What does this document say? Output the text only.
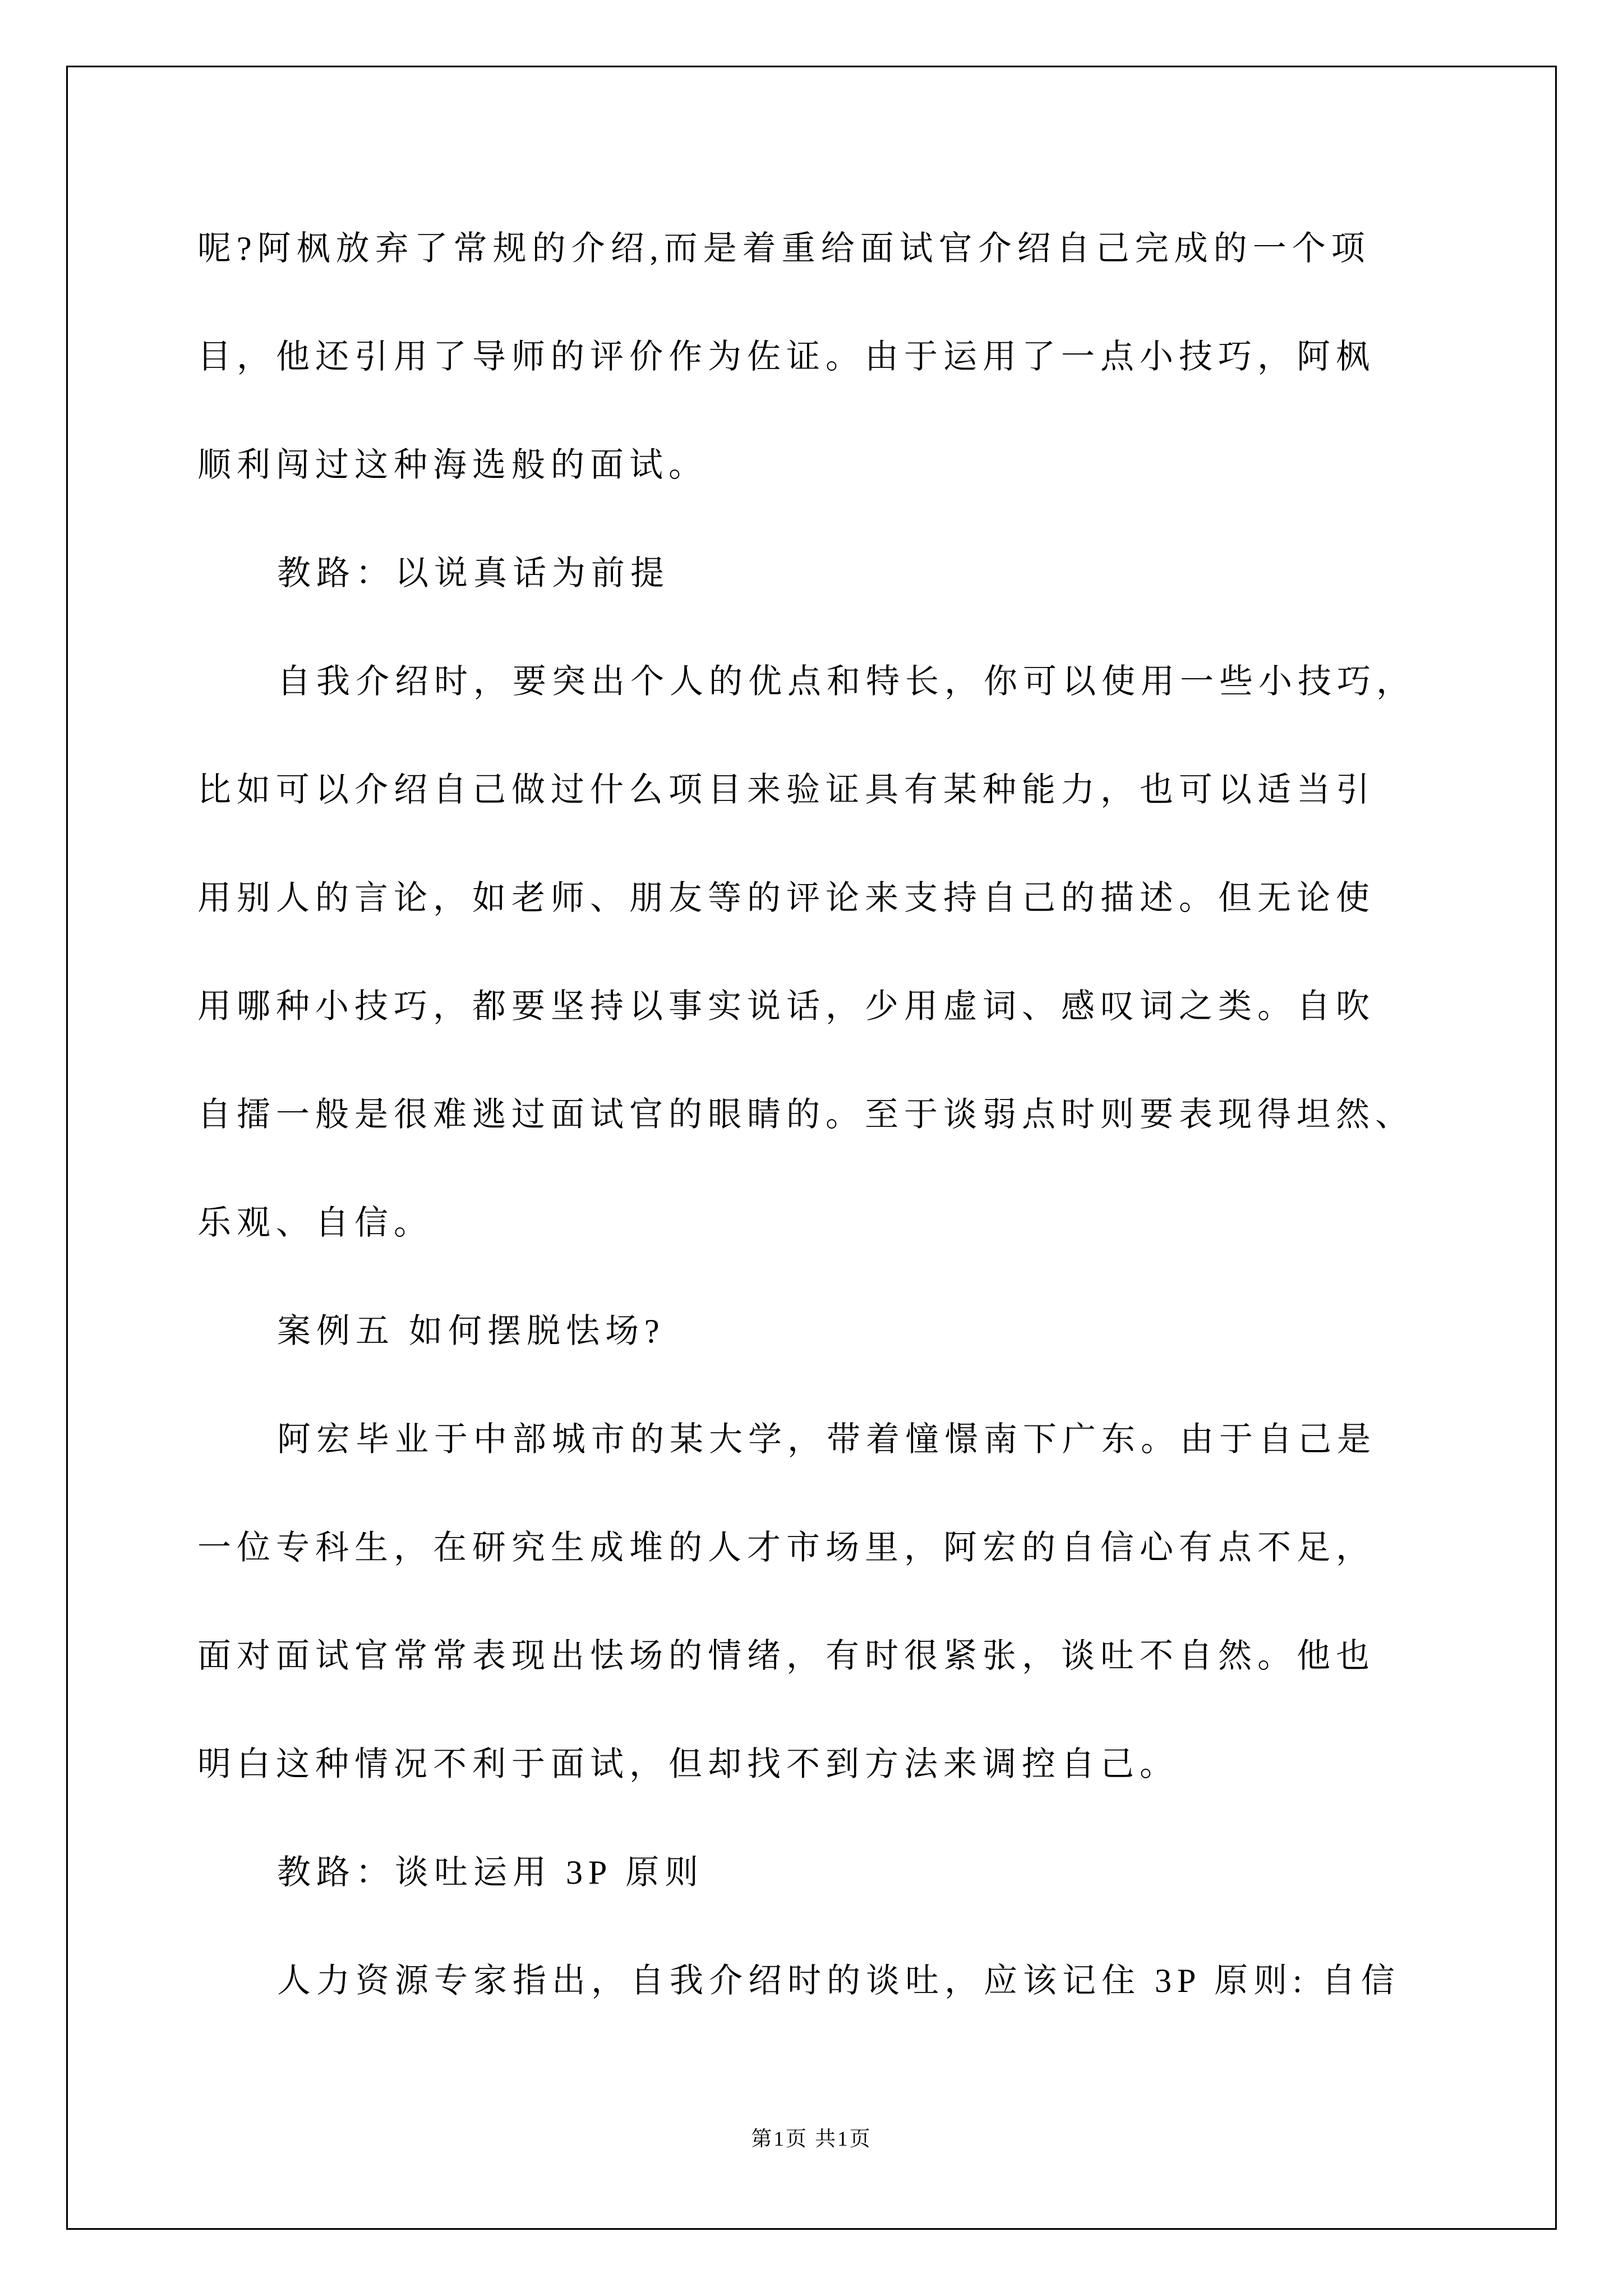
呢?阿枫放弃了常规的介绍,而是着重给面试官介绍自己完成的一个项
目，他还引用了导师的评价作为佐证。由于运用了一点小技巧，阿枫
顺利闯过这种海选般的面试。
教路：以说真话为前提
自我介绍时，要突出个人的优点和特长，你可以使用一些小技巧，
比如可以介绍自己做过什么项目来验证具有某种能力，也可以适当引
用别人的言论，如老师、朋友等的评论来支持自己的描述。但无论使
用哪种小技巧，都要坚持以事实说话，少用虚词、感叹词之类。自吹
自擂一般是很难逃过面试官的眼睛的。至于谈弱点时则要表现得坦然、
乐观、自信。
案例五 如何摆脱怯场?
阿宏毕业于中部城市的某大学，带着憧憬南下广东。由于自己是
一位专科生，在研究生成堆的人才市场里，阿宏的自信心有点不足，
面对面试官常常表现出怯场的情绪，有时很紧张，谈吐不自然。他也
明白这种情况不利于面试，但却找不到方法来调控自己。
教路：谈吐运用 3P 原则
人力资源专家指出，自我介绍时的谈吐，应该记住 3P 原则: 自信
第1页 共1页
